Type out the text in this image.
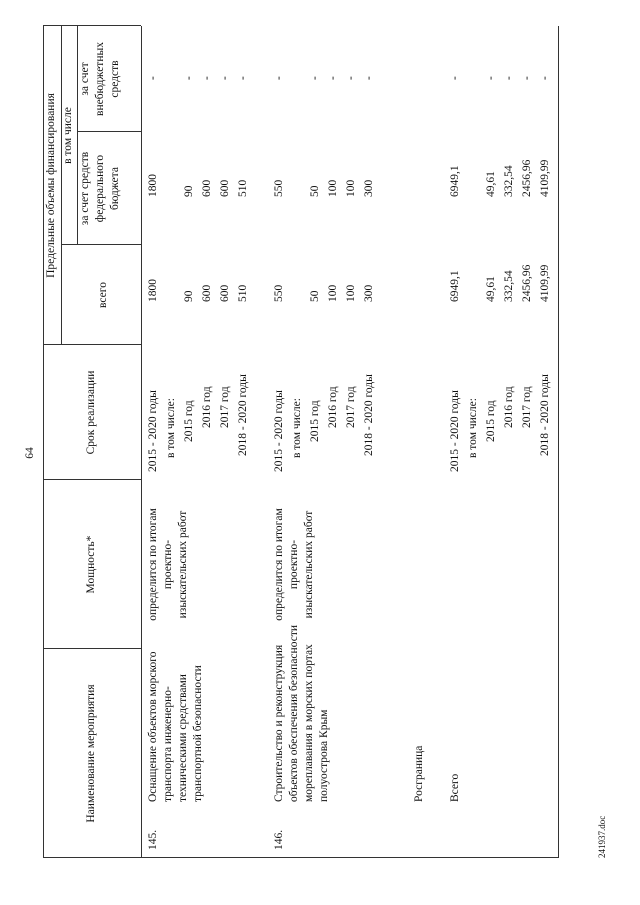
64
Наименование мероприятия
Мощность*
Срок реализации
Предельные объемы финансирования
всего
в том числе
за счет средств федерального бюджета
за счет внебюджетных средств
145.
Оснащение объектов морского транспорта инженерно- техническими средствами транспортной безопасности
определится по итогам проектно- изыскательских работ
2015 - 2020 годы в том числе: 2015 год 2016 год 2017 год 2018 - 2020 годы
1800 90 600 600 510
1800 90 600 600 510
- - - - -
146.
Строительство и реконструкция объектов обеспечения безопасности мореплавания в морских портах полуострова Крым
определится по итогам проектно- изыскательских работ
2015 - 2020 годы в том числе: 2015 год 2016 год 2017 год 2018 - 2020 годы
550 50 100 100 300
550 50 100 100 300
- - - - -
Росграница Всего
2015 - 2020 годы в том числе: 2015 год 2016 год 2017 год 2018 - 2020 годы
6949,1 49,61 332,54 2456,96 4109,99
6949,1 49,61 332,54 2456,96 4109,99
- - - - -
241937.doc
